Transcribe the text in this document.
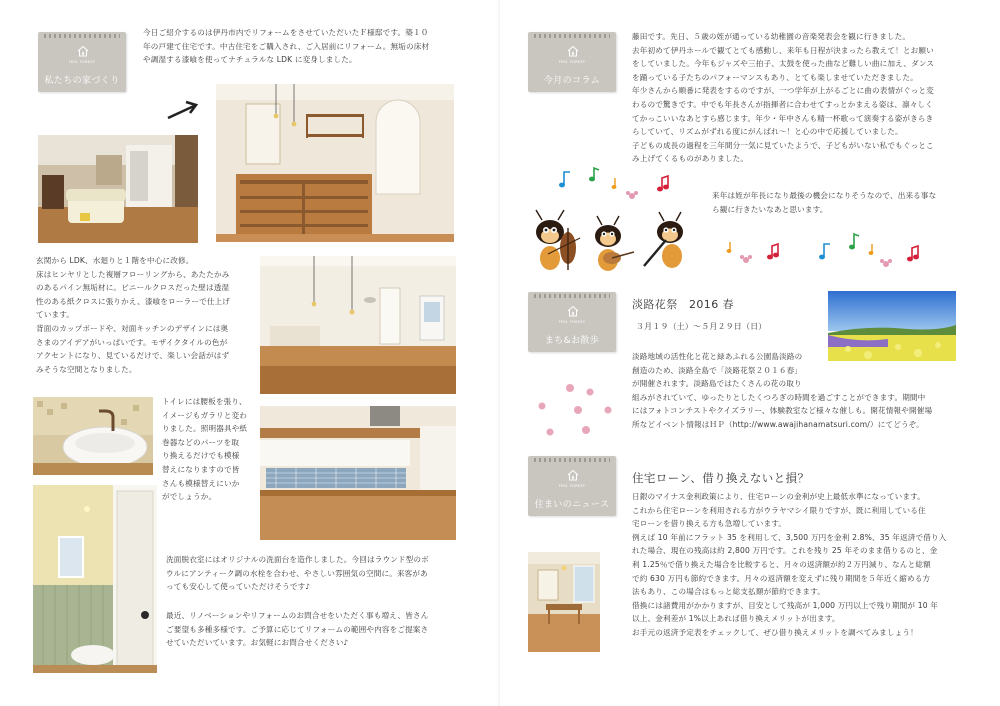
FEEL FOREST
私たちの家づくり
今日ご紹介するのは伊丹市内でリフォームをさせていただいたＦ様邸です。築１０
年の戸建て住宅です。中古住宅をご購入され、ご入居前にリフォーム。無垢の床材
や調湿する漆喰を使ってナチュラルな LDK に変身しました。
玄関から LDK、水廻りと１階を中心に改修。
床はヒンヤリとした複層フローリングから、あたたかみ
のあるパイン無垢材に。ビニールクロスだった壁は透湿
性のある紙クロスに張りかえ、漆喰をローラーで仕上げ
ています。
背面のカップボードや、対面キッチンのデザインには奥
さまのアイデアがいっぱいです。モザイクタイルの色が
アクセントになり、見ているだけで、楽しい会話がはず
みそうな空間となりました。
トイレには腰板を張り、
イメージもガラリと変わ
りました。照明器具や紙
巻器などのパーツを取
り換えるだけでも模様
替えになりますので皆
さんも模様替えにいか
がでしょうか。
洗面脱衣室にはオリジナルの洗面台を造作しました。今回はラウンド型のボ
ウルにアンティーク調の水栓を合わせ、やさしい雰囲気の空間に。来客があ
っても安心して使っていただけそうです♪
最近、リノベーションやリフォームのお問合せをいただく事も増え、皆さん
ご要望も多種多様です。ご予算に応じてリフォームの範囲や内容をご提案さ
せていただいています。お気軽にお問合せください♪
FEEL FOREST
今月のコラム
藤田です。先日、５歳の姪が通っている幼稚園の音楽発表会を観に行きました。
去年初めて伊丹ホールで観てとても感動し、来年も日程が決まったら教えて！とお願い
をしていました。今年もジャズや三拍子、太鼓を使った曲など難しい曲に加え、ダンス
を踊っている子たちのパフォーマンスもあり、とても楽しませていただきました。
年少さんから順番に発表をするのですが、一つ学年が上がるごとに曲の表情がぐっと変
わるので驚きです。中でも年長さんが指揮者に合わせてすっとかまえる姿は、凛々しく
てかっこいいなあとすら感じます。年少・年中さんも精一杯歌って演奏する姿がきらき
らしていて、リズムがずれる度にがんばれ～！と心の中で応援していました。
子どもの成長の過程を三年間分一気に見ていたようで、子どもがいない私でもぐっとこ
み上げてくるものがありました。
来年は姪が年長になり最後の機会になりそうなので、出来る事な
ら観に行きたいなあと思います。
FEEL FOREST
まち&お散歩
淡路花祭　2016 春
３月１９（土）～５月２９日（日）
淡路地域の活性化と花と緑あふれる公園島淡路の
創造のため、淡路全島で「淡路花祭２０１６春」
が開催されます。淡路島ではたくさんの花の取り
組みがされていて、ゆったりとしたくつろぎの時間を過ごすことができます。期間中
にはフォトコンテストやクイズラリー、体験教室など様々な催しも。開花情報や開催場
所などイベント情報はＨＰ（http://www.awajihanamatsuri.com/）にてどうぞ。
FEEL FOREST
住まいのニュース
住宅ローン、借り換えないと損？
日銀のマイナス金利政策により、住宅ローンの金利が史上最低水準になっています。
これから住宅ローンを利用される方がウラヤマシイ限りですが、既に利用している住
宅ローンを借り換える方も急増しています。
例えば 10 年前にフラット 35 を利用して、3,500 万円を金利 2.8%、35 年返済で借り入
れた場合、現在の残高は約 2,800 万円です。これを残り 25 年そのまま借りるのと、金
利 1.25％で借り換えた場合を比較すると、月々の返済額が約２万円減り、なんと総額
で約 630 万円も節約できます。月々の返済額を変えずに残り期間を５年近く縮める方
法もあり、この場合はもっと総支払額が節約できます。
借換には諸費用がかかりますが、目安として残高が 1,000 万円以上で残り期間が 10 年
以上、金利差が 1%以上あれば借り換えメリットが出ます。
お手元の返済予定表をチェックして、ぜひ借り換えメリットを調べてみましょう！
